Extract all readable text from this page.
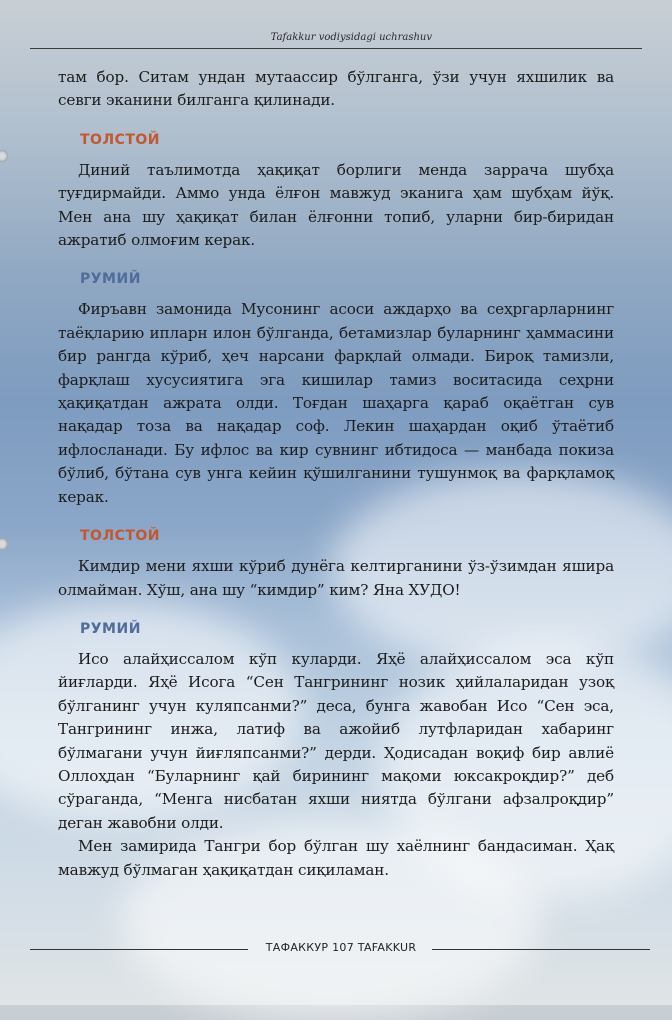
Tafakkur vodiysidagi uchrashuv

там бор. Ситам ундан мутаассир бўлганга, ўзи учун яхшилик ва севги эканини билганга қилинади.

ТОЛСТОЙ

Диний таълимотда ҳақиқат борлиги менда заррача шубҳа туғдирмайди. Аммо унда ёлғон мавжуд эканига ҳам шубҳам йўқ. Мен ана шу ҳақиқат билан ёлғонни топиб, уларни бир-биридан ажратиб олмоғим керак.

РУМИЙ

Фиръавн замонида Мусонинг асоси аждарҳо ва сеҳргарларнинг таёқларию ипларн илон бўлганда, бетамизлар буларнинг ҳаммасини бир рангда кўриб, ҳеч нарсани фарқлай олмади. Бироқ тамизли, фарқлаш хусусиятига эга кишилар тамиз воситасида сеҳрни ҳақиқатдан ажрата олди. Тоғдан шаҳарга қараб оқаётган сув нақадар тоза ва нақадар соф. Лекин шаҳардан оқиб ўтаётиб ифлосланади. Бу ифлос ва кир сувнинг ибтидоса — манбада покиза бўлиб, бўтана сув унга кейин қўшилганини тушунмоқ ва фарқламоқ керак.

ТОЛСТОЙ

Кимдир мени яхши кўриб дунёга келтирганини ўз-ўзимдан яшира олмайман. Хўш, ана шу “кимдир” ким? Яна ХУДО!

РУМИЙ

Исо алайҳиссалом кўп куларди. Яҳё алайҳиссалом эса кўп йиғларди. Яҳё Исога “Сен Тангрининг нозик ҳийлаларидан узоқ бўлганинг учун куляпсанми?” деса, бунга жавобан Исо “Сен эса, Тангрининг инжа, латиф ва ажойиб лутфларидан хабаринг бўлмагани учун йиғляпсанми?” дерди. Ҳодисадан воқиф бир авлиё Оллоҳдан “Буларнинг қай бирининг мақоми юксакроқдир?” деб сўраганда, “Менга нисбатан яхши ниятда бўлгани афзалроқдир” деган жавобни олди.

Мен замирида Тангри бор бўлган шу хаёлнинг бандасиман. Ҳақ мавжуд бўлмаган ҳақиқатдан сиқиламан.

ТАФАККУР 107 TAFAKKUR
